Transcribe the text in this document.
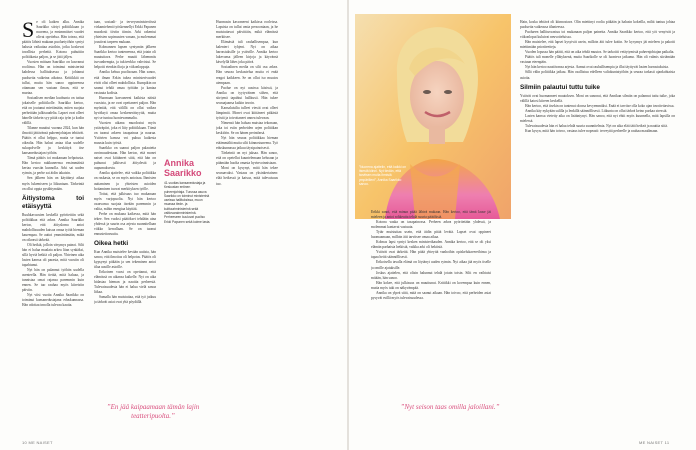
S e oli kaiken alku. Annika Saarikko siirtyi politiikkaan jo nuorena, ja ensimmäiset vuodet olivat opettelua. Hän toteaa, että päätös lähteä mukaan puoluetyöhön syntyi halusta vaikuttaa asioihin, jotka koskevat tavallisia perheitä. Kotona puhuttiin politiikasta paljon, ja se jätti jäljen.

Vuosien mittaan Saarikko on kasvanut rooliinsa. Hän on toiminut ministerinä kahdessa hallituksessa ja johtanut puoluetta vaikeina aikoina. Kritiikkiä on tullut, mutta hän sanoo oppineensa ottamaan sen vastaan ilman, että se murtaa.

Sosiaalisen median kuohunta on tuttua jokaiselle poliitikolle. Saarikko kertoo, että on joutunut miettimään, miten suojata perhettään julkisuudelta. Lapset ovat olleet hänelle tärkein syy pitää raja työn ja kodin välillä.

Tilanne muuttui vuonna 2024, kun hän ilmoitti jättävänsä puheenjohtajan tehtävät. Päätös ei ollut helppo, mutta se tuntui oikealta. Hän halusi antaa tilaa uudelle sukupolvelle ja keskittyä itse kansanedustajan työhön.

Tämä päätös toi mukanaan helpotusta. Hän kertoo nukkuneensa ensimmäistä kertaa vuosiin kunnolla. Arki sai uuden rytmin, ja perhe sai äidin takaisin.

Sen jälkeen hän on käyttänyt aikaa myös lukemiseen ja liikuntaan. Tärkeintä on ollut oppia pysähtymään.

Äitiystoma toi etäisyyttä

Ruuhkavuosien keskellä pyöritettiin sekä politiikkaa että arkea. Annika Saarikko kertoo, että äitiysloma antoi mahdollisuuden katsoa omaa työtä hieman kauempaa. Se auttoi ymmärtämään, mikä on oikeasti tärkeää.

Oli hetkiä, jolloin väsymys painoi. Silti hän ei halua maalata arkea liian synkäksi, sillä hyviä hetkiä oli paljon. Yhteinen aika lasten kanssa oli parasta, mitä vuosiin oli tapahtunut.

Nyt hän on palannut työhön uudella asenteella. Hän tietää, mitä haluaa, ja tunnistaa omat rajansa paremmin kuin ennen. Se tuo rauhaa myös kiireisiin päiviin.

Nyt viisi vuotta Annika Saarikko on toiminut kansanedustajana eduskunnassa. Hän odottaa innolla tulevaa kautta.

taan, sosiaali- ja terveysministeriössä virkamiehenä työskennellyt Erkki Papunen muodosti tiiviin tiimin. Arki rakentui yhteisten sopimusten varaan, ja molemmat joustivat tarpeen mukaan.

Kolmannen lapsen syntymän jälkeen Saarikko kertoo tunteneensa, että jotain oli muututtava. Perhe muutti lähemmäs isovanhempia, ja tukiverkko vahvistui. Se helpotti etenkin iltoja ja viikonloppuja.

Annika kehuu puolisoaan. Hän sanoo, että ilman Erkin tukea ministerivuodet eivät olisi olleet mahdollisia. Kumpikin on saanut tehdä omaa työtään ja kantaa vastuuta kodista.

Huomaan kasvaneeni kaikista näistä vuosista, ja ne ovat opettaneet paljon. Hän myöntää, että välillä on ollut vaikea hyväksyä omaa keskeneräisyyttä, mutta nyt se tuntuu luontevammalta.

Vuosien aikana muodostui myös ystäväpiiri, joka ei liity politiikkaan. Tämä on tuonut arkeen tasapainoa ja naurua. Ystävien kanssa voi puhua kaikesta muusta kuin työstä.

Saarikko on saanut paljon palautetta avoimuudestaan. Hän kertoo, että monet naiset ovat kiittäneet siitä, että hän on puhunut julkisesti äitiydestä ja uupumuksesta.

Annika ajattelee, että vaikka politiikka on raskasta, se on myös antoisaa. Ihmisten auttaminen ja yhteisten asioiden hoitaminen tuovat merkityksen työlle.

Tottui, että julkisuus tuo mukanaan myös varjopuolia. Nyt hän kertoo osaavansa suojata itseään paremmin ja valita, mihin energiaa käyttää.

Perhe on mukana kaikessa, mitä hän tekee. Sen vuoksi päätökset tehdään aina yhdessä ja suurin osa arjesta suunnitellaan viikko kerrallaan. Se on tuonut ennustettavuutta.

Oikea hetki

Kun Annika muistelee kevään uutista, hän sanoo, että ilmoitus oli helpotus. Päätös oli kypsynyt pitkään ja sen tekeminen antoi tilaa uusille asioille.

Erikoinen vuosi on opettanut, että elämässä on aikansa kaikelle. Nyt on aika hidastaa hieman ja nauttia perheestä. Tulevaisuudesta hän ei halua vielä sanoa liikaa.

Samalla hän muistuttaa, että työ jatkuu ja tärkeät asiat ovat yhä pöydällä.

Annika Saarikko
41-vuotias kansanedustaja ja Keskustan entinen puheenjohtaja. Turussa asuva Saarikko on toiminut ministerinä useissa hallituksissa, muun muassa tiede- ja kulttuuriministerinä sekä valtiovarainministerinä. Perheeseen kuuluvat puoliso Erkki Papunen sekä kolme lasta.

Huomasin kasvaneeni kaikissa rooleissa. Lapsista on tullut omia persooniaan, ja he muistuttavat päivittäin, mikä elämässä merkitsee.

Elämästä tuli rauhallisempaa, kun kalenteri tyhjeni. Nyt on aikaa harrastuksille ja ystäville. Annika kertoo lukevansa jälleen kirjoja ja käyvänsä kävelyllä lähes joka päivä.

Sosiaalinen media on silti osa arkea. Hän seuraa keskustelua mutta ei enää reagoi kaikkeen. Se on ollut iso muutos aiempaan.

Puolue on nyt uusissa käsissä, ja Annika on tyytyväinen siihen, että siirtymä tapahtui hallitusti. Hän tukee seuraajaansa kaikin tavoin.

Kansalaisilta tulleet viestit ovat olleet lämpimiä. Monet ovat kiittäneet pitkästä työstä ja toivottaneet onnea tulevaan.

Nimensä hän haluaa muistaa tekonaan, joka toi esiin perheiden arjen politiikan keskiöön. Se on hänen perintönsä.

Nyt hän seuraa politiikkaa hieman etäämmältä mutta silti kiinnostuneena. Työ eduskunnassa jatkuu täysipainoisesti.

Tärkeintä on nyt jaksaa. Hän sanoo, että on opetellut kuuntelemaan kehoaan ja pitämään huolta omasta hyvinvoinnistaan.

Moni on kysynyt, mitä hän tekee seuraavaksi. Vastaus on yksinkertainen: elää hetkessä ja katsoa, mitä tulevaisuus tuo.

”En jää kaipaamaan tämän lajin teatteripuolta.”
10 ME NAISET
”Nuorena ajattelin, että kaikki on itsestä kiinni. Nyt tiedän, että tarvitsen muita ihmisiä ympärilleni”, Annika Saarikko sanoo.

Erikki sanoi, että minun pitää lähteä mukaan. Hän kertoo, että tämä lause jäi mieleen ja antoi rohkeutta tehdä suuria päätöksiä.

Kotona vaaka on tasapainossa. Perheen arkea pyöritetään yhdessä, ja molemmat kantavat vastuuta.

Tytär muistuttaa usein, että äidin pitää levätä. Lapset ovat oppineet huomaamaan, milloin äiti tarvitsee omaa aikaa.

Kolmas lapsi syntyi kesken ministerikauden. Annika kertoo, että se oli yksi elämän parhaista hetkistä, vaikka arki oli hektistä.

Ystävät ovat tärkeitä. Hän pitää yhteyttä vanhoihin opiskelukavereihinsa ja tapaa heitä säännöllisesti.

Erikoisella tavalla elämä on löytänyt uuden rytmin. Nyt aikaa jää myös itselle ja omille ajatuksille.

Joskus ajattelen, että olisin halunnut tehdä jotain toisin. Silti en vaihtaisi mitään, hän sanoo.

Hän kokee, että julkisuus on muuttunut. Kritiikki on kovempaa kuin ennen, mutta myös tuki on näkyvämpää.

Annika on ylpeä siitä, mitä on saanut aikaan. Hän toivoo, että perheiden asiat pysyvät esillä myös tulevaisuudessa.

Hain, koska tehtävä oli kiinnostava. Olin miettinyt roolia pitkään ja halusin kokeilla, miltä tuntuu johtaa puoluetta vaikeassa tilanteessa.

Puolueen hallitusvastuu toi mukanaan paljon paineita. Annika Saarikko kertoo, että yöt venyivät ja viikonloput kuluivat neuvotteluissa.

Hän muistelee, että lapset kysyivät usein, milloin äiti tulee kotiin. Se kysymys jäi mieleen ja pakotti miettimään prioriteetteja.

Vuoden lopussa hän päätti, että on aika tehdä muutos. Se tarkoitti vetäytymistä puheenjohtajan paikalta.

Päätös tuli monelle yllätyksenä, mutta Saarikolle se oli luonteva jatkumo. Hän oli valmis siirtämään vastuun eteenpäin.

Nyt hän kertoo nauttivansa arjesta. Aamut ovat rauhallisempia ja illat täyttyvät lasten harrastuksista.

Sillä välin politiikka jatkuu. Hän osallistuu edelleen valiokuntatyöhön ja seuraa tarkasti ajankohtaisia asioita.

Silmiin palautui tuttu tuike

Ystävät ovat huomanneet muutoksen. Moni on sanonut, että Annikan silmiin on palannut tuttu tuike, joka välillä katosi kiireen keskellä.

Hän kertoo, että itsekin on tuntenut olonsa kevyemmäksi. Enää ei tarvitse olla koko ajan tavoitettavissa.

Annika käy nykyään salilla ja lenkillä säännöllisesti. Liikunta on ollut tärkeä keino purkaa stressiä.

Lasten kanssa vietetty aika on lisääntynyt. Hän sanoo, että nyt ehtii myös kuunnella, mitä lapsilla on mielessä.

Tulevaisuudesta hän ei halua tehdä suuria suunnitelmia. Nyt on aika elää tätä hetkeä ja nauttia siitä.

Kun kysyn, mitä hän toivoo, vastaus tulee nopeasti: terveyttä perheelle ja rauhaa maailmaan.

”Nyt seison taas omilla jaloillani.”
ME NAISET 11
